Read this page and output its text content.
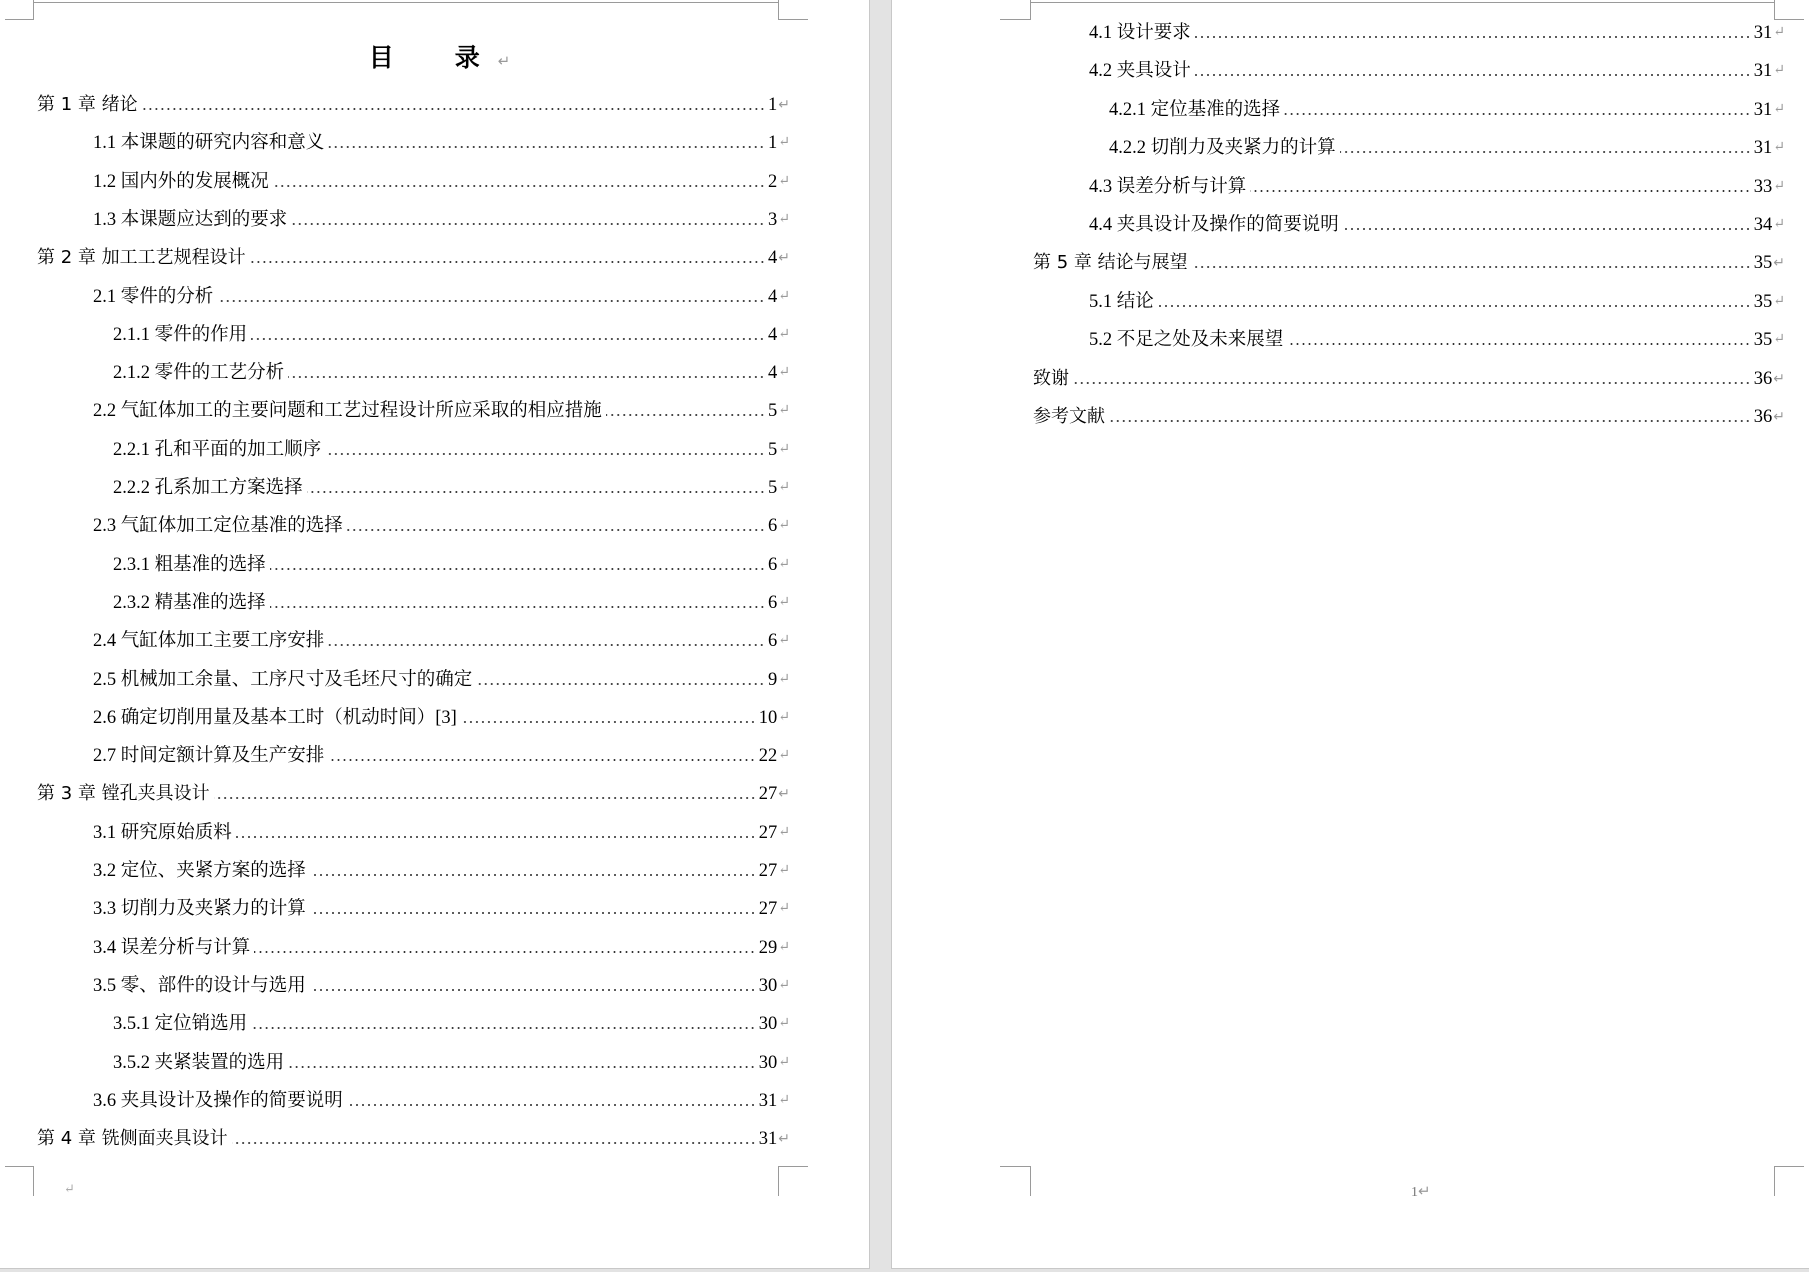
目　录↵
第 1 章 绪论	1 ↵
1.1 本课题的研究内容和意义	1 ↵
1.2 国内外的发展概况	2 ↵
1.3 本课题应达到的要求	3 ↵
第 2 章 加工工艺规程设计	4 ↵
2.1 零件的分析	4 ↵
2.1.1 零件的作用	4 ↵
2.1.2 零件的工艺分析	4 ↵
2.2 气缸体加工的主要问题和工艺过程设计所应采取的相应措施	5 ↵
2.2.1 孔和平面的加工顺序	5 ↵
2.2.2 孔系加工方案选择	5 ↵
2.3 气缸体加工定位基准的选择	6 ↵
2.3.1 粗基准的选择	6 ↵
2.3.2 精基准的选择	6 ↵
2.4 气缸体加工主要工序安排	6 ↵
2.5 机械加工余量、工序尺寸及毛坯尺寸的确定	9 ↵
2.6 确定切削用量及基本工时（机动时间）[3]	10 ↵
2.7 时间定额计算及生产安排	22 ↵
第 3 章 镗孔夹具设计	27 ↵
3.1 研究原始质料	27 ↵
3.2 定位、夹紧方案的选择	27 ↵
3.3 切削力及夹紧力的计算	27 ↵
3.4 误差分析与计算	29 ↵
3.5 零、部件的设计与选用	30 ↵
3.5.1 定位销选用	30 ↵
3.5.2 夹紧装置的选用	30 ↵
3.6 夹具设计及操作的简要说明	31 ↵
第 4 章 铣侧面夹具设计	31 ↵
↵
4.1 设计要求	31 ↵
4.2 夹具设计	31 ↵
4.2.1 定位基准的选择	31 ↵
4.2.2 切削力及夹紧力的计算	31 ↵
4.3 误差分析与计算	33 ↵
4.4 夹具设计及操作的简要说明	34 ↵
第 5 章 结论与展望	35 ↵
5.1 结论	35 ↵
5.2 不足之处及未来展望	35 ↵
致谢	36 ↵
参考文献	36 ↵
1↵
